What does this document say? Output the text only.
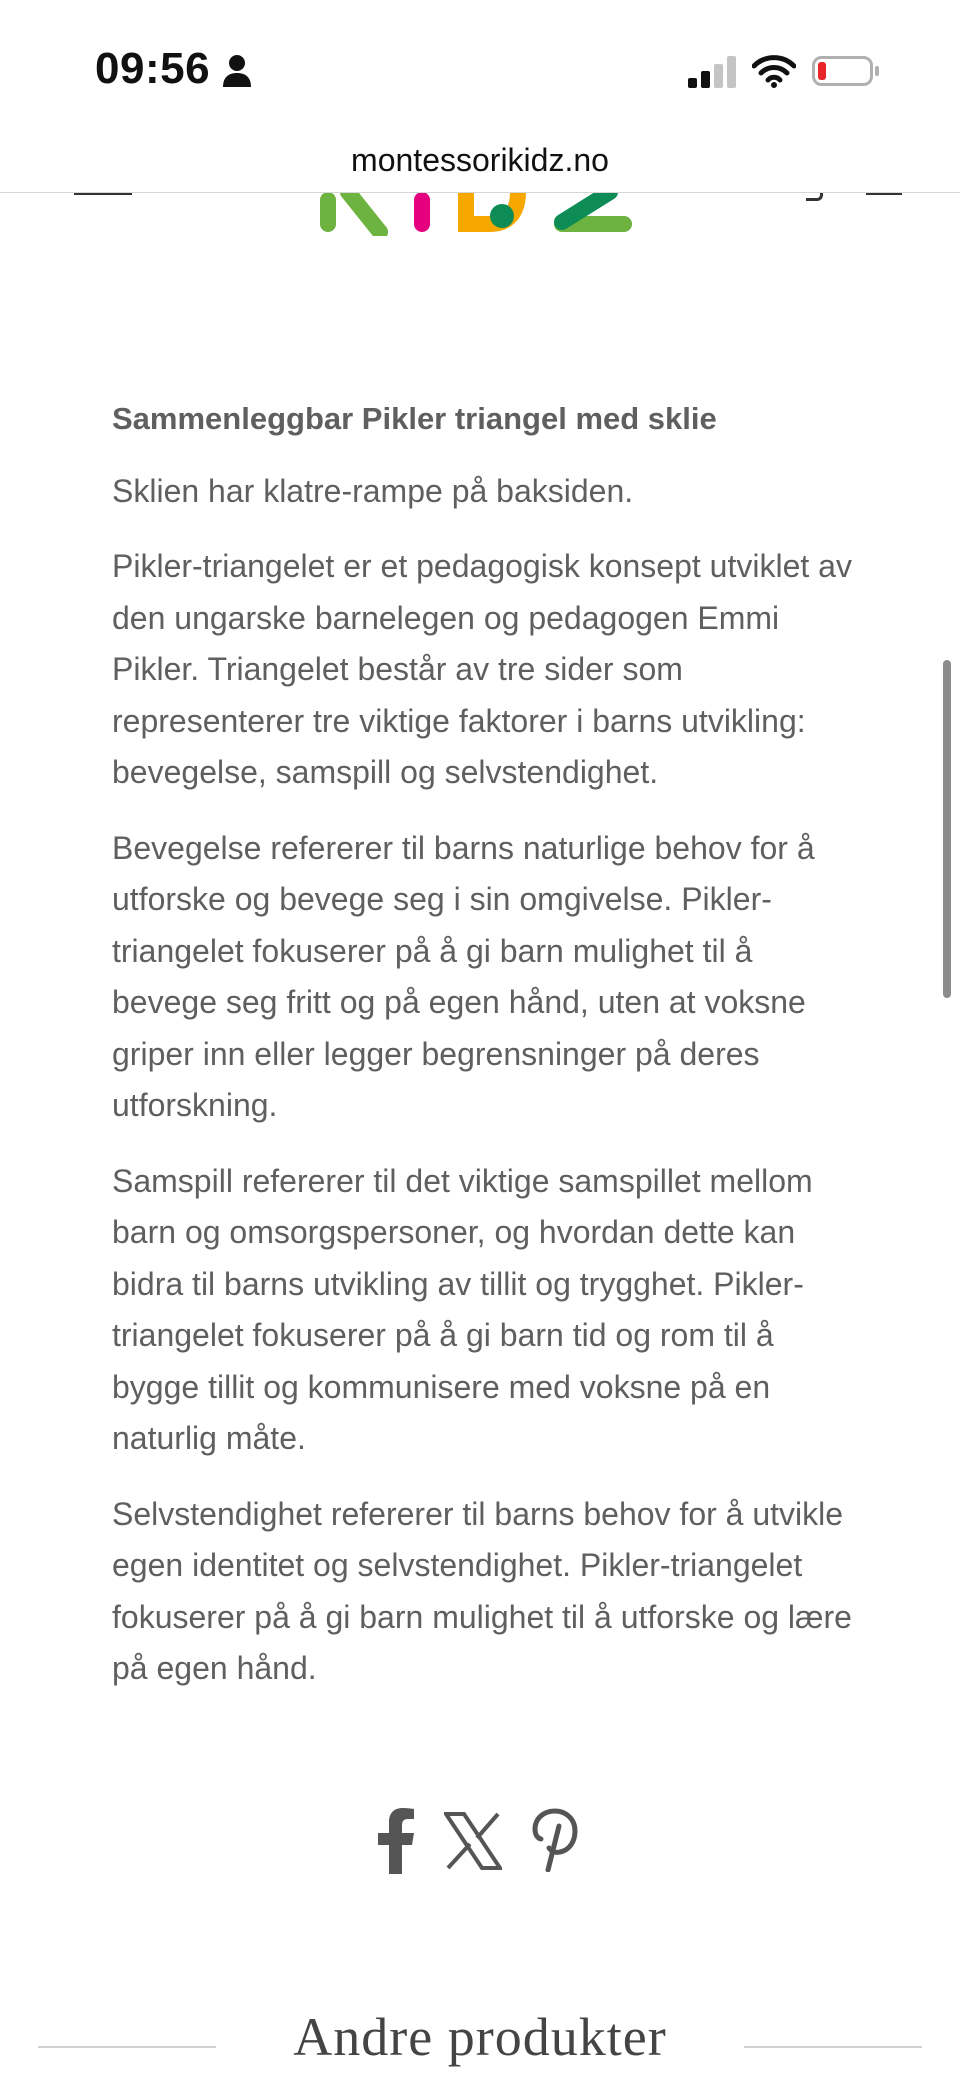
09:56
montessorikidz.no
Sammenleggbar Pikler triangel med sklie

Sklien har klatre-rampe på baksiden.

Pikler-triangelet er et pedagogisk konsept utviklet av den ungarske barnelegen og pedagogen Emmi Pikler. Triangelet består av tre sider som representerer tre viktige faktorer i barns utvikling: bevegelse, samspill og selvstendighet.

Bevegelse refererer til barns naturlige behov for å utforske og bevege seg i sin omgivelse. Pikler-triangelet fokuserer på å gi barn mulighet til å bevege seg fritt og på egen hånd, uten at voksne griper inn eller legger begrensninger på deres utforskning.

Samspill refererer til det viktige samspillet mellom barn og omsorgspersoner, og hvordan dette kan bidra til barns utvikling av tillit og trygghet. Pikler-triangelet fokuserer på å gi barn tid og rom til å bygge tillit og kommunisere med voksne på en naturlig måte.

Selvstendighet refererer til barns behov for å utvikle egen identitet og selvstendighet. Pikler-triangelet fokuserer på å gi barn mulighet til å utforske og lære på egen hånd.

Andre produkter
